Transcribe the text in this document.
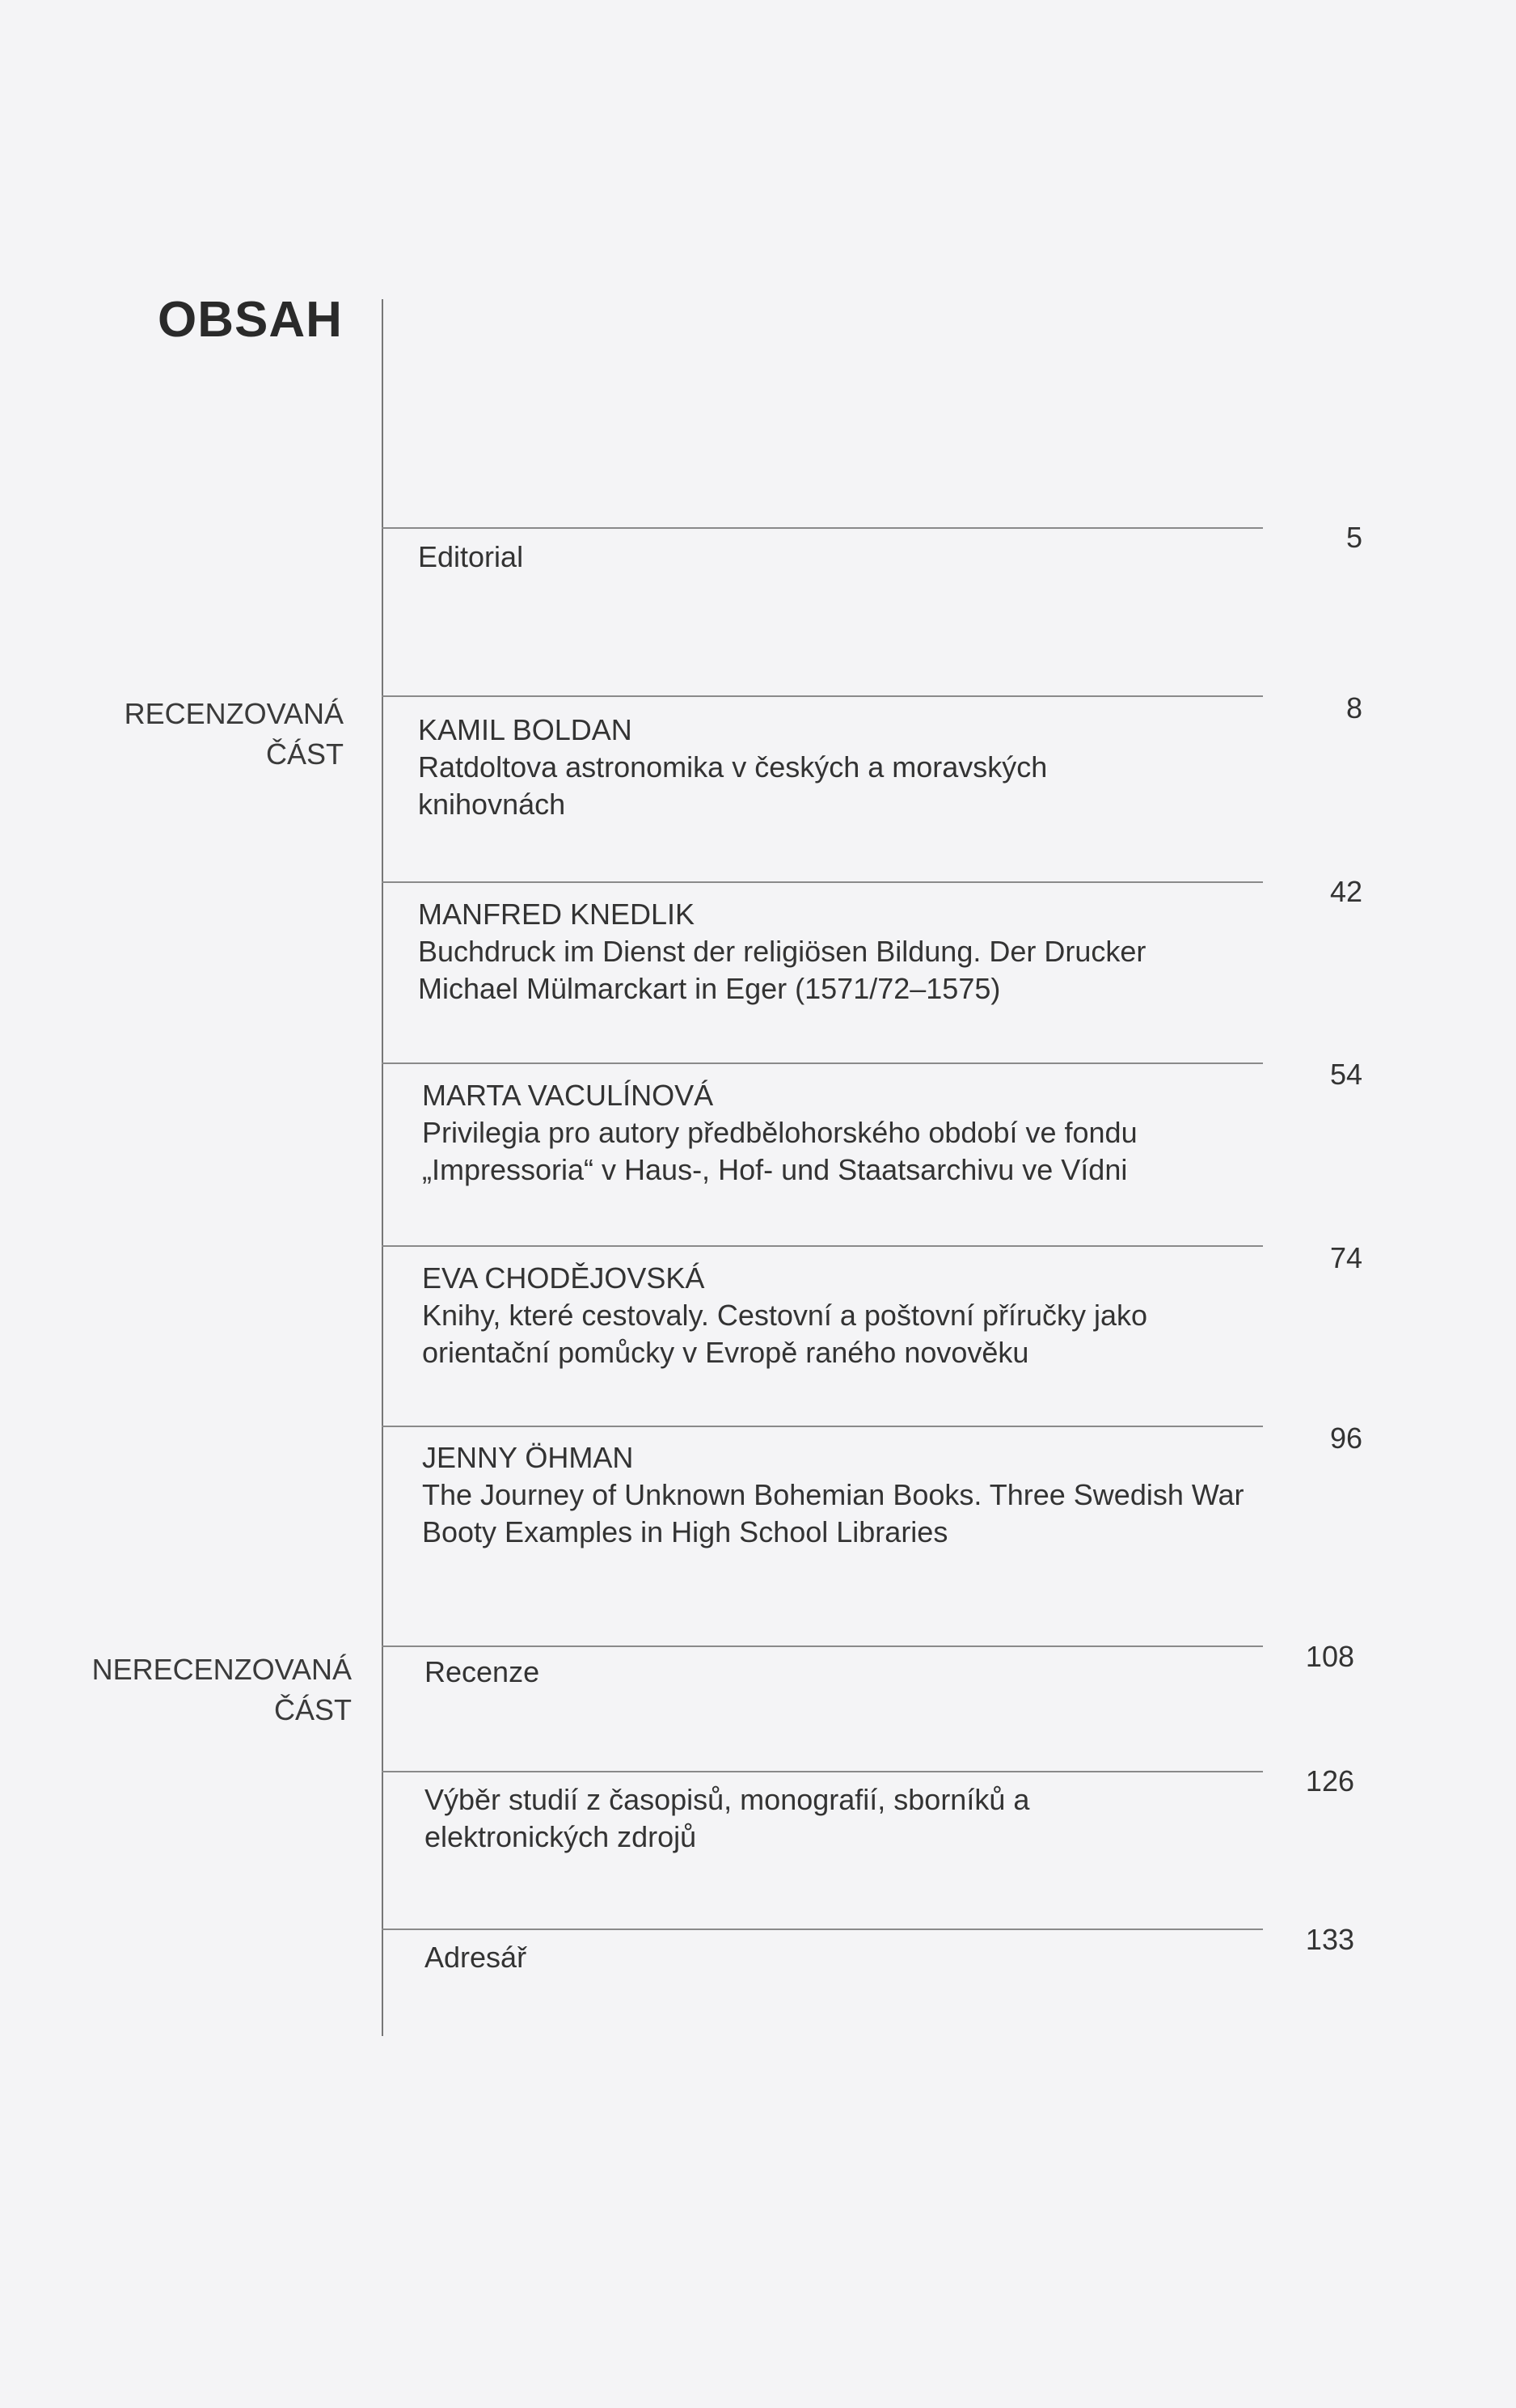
OBSAH
RECENZOVANÁ
ČÁST
NERECENZOVANÁ
ČÁST
Editorial
5
KAMIL BOLDAN
Ratdoltova astronomika v českých a moravských knihovnách
8
MANFRED KNEDLIK
Buchdruck im Dienst der religiösen Bildung. Der Drucker Michael Mülmarckart in Eger (1571/72–1575)
42
MARTA VACULÍNOVÁ
Privilegia pro autory předbělohorského období ve fondu „Impressoria“ v Haus-, Hof- und Staatsarchivu ve Vídni
54
EVA CHODĚJOVSKÁ
Knihy, které cestovaly. Cestovní a poštovní příručky jako orientační pomůcky v Evropě raného novověku
74
JENNY ÖHMAN
The Journey of Unknown Bohemian Books. Three Swedish War Booty Examples in High School Libraries
96
Recenze	108
Výběr studií z časopisů, monografií, sborníků a elektronických zdrojů
126
Adresář
133
